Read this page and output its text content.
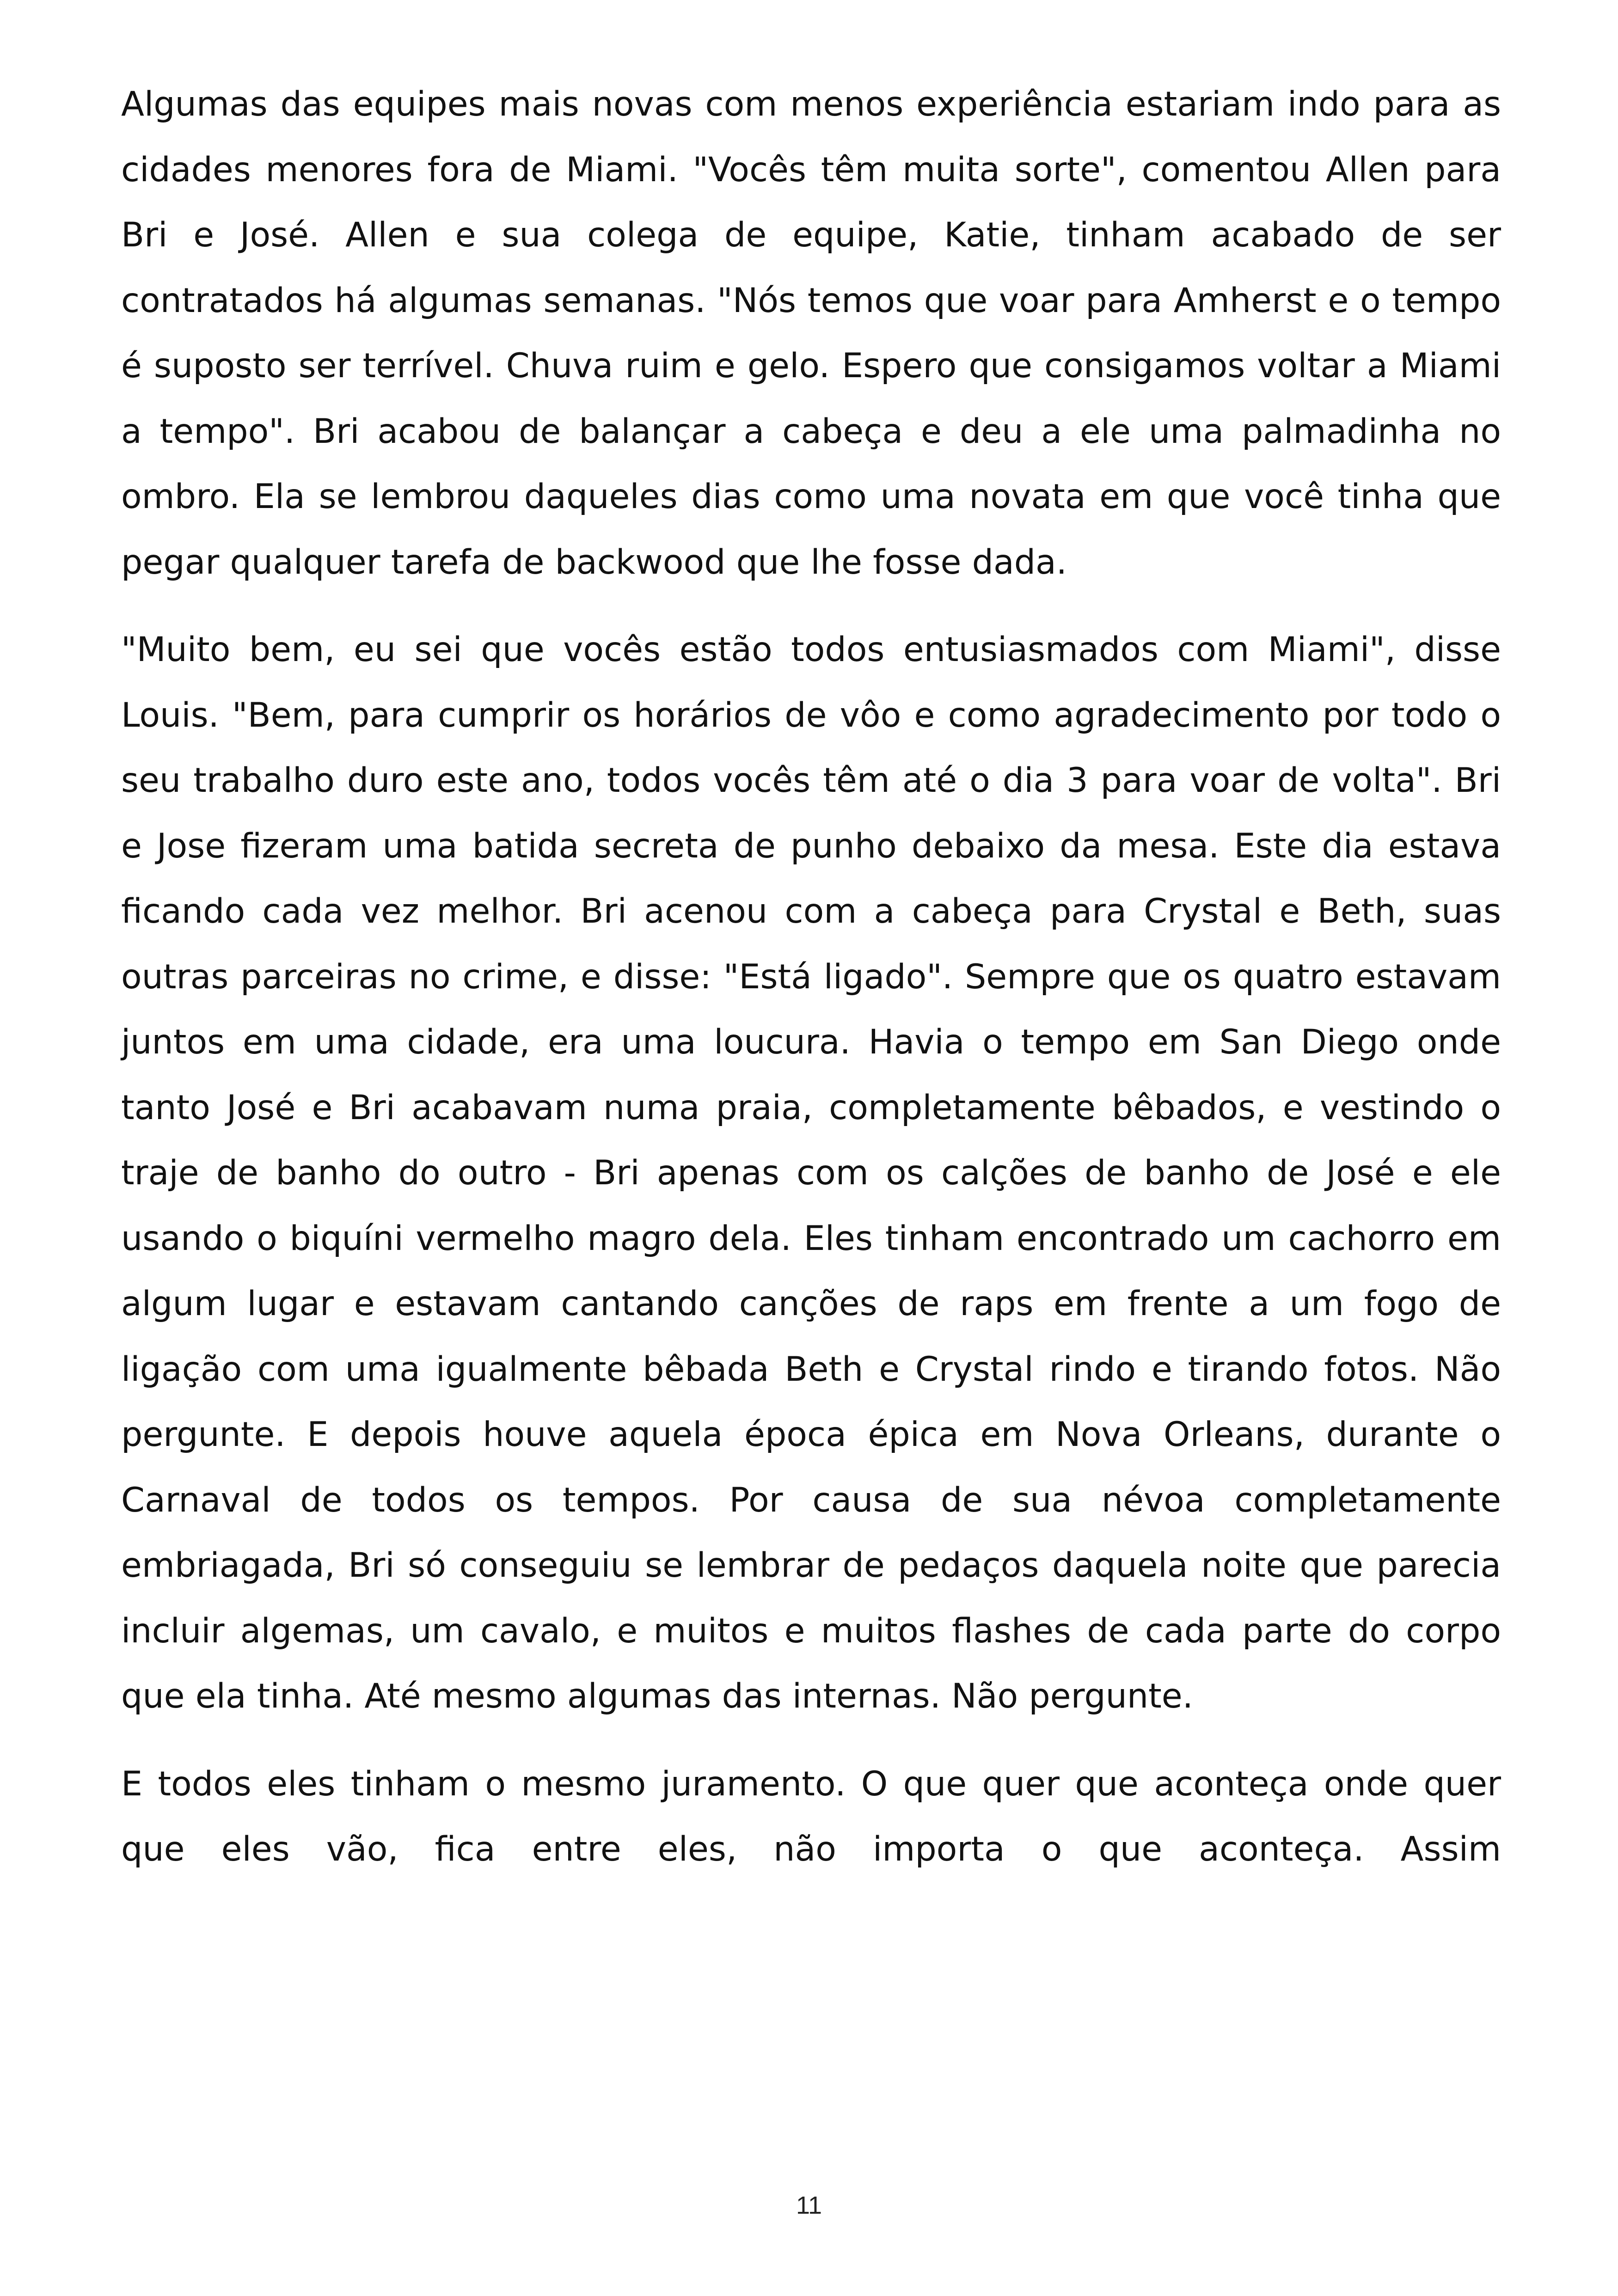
Algumas das equipes mais novas com menos experiência estariam indo para as cidades menores fora de Miami. "Vocês têm muita sorte", comentou Allen para Bri e José. Allen e sua colega de equipe, Katie, tinham acabado de ser contratados há algumas semanas. "Nós temos que voar para Amherst e o tempo é suposto ser terrível. Chuva ruim e gelo. Espero que consigamos voltar a Miami a tempo". Bri acabou de balançar a cabeça e deu a ele uma palmadinha no ombro. Ela se lembrou daqueles dias como uma novata em que você tinha que pegar qualquer tarefa de backwood que lhe fosse dada.

"Muito bem, eu sei que vocês estão todos entusiasmados com Miami", disse Louis. "Bem, para cumprir os horários de vôo e como agradecimento por todo o seu trabalho duro este ano, todos vocês têm até o dia 3 para voar de volta". Bri e Jose fizeram uma batida secreta de punho debaixo da mesa. Este dia estava ficando cada vez melhor. Bri acenou com a cabeça para Crystal e Beth, suas outras parceiras no crime, e disse: "Está ligado". Sempre que os quatro estavam juntos em uma cidade, era uma loucura. Havia o tempo em San Diego onde tanto José e Bri acabavam numa praia, completamente bêbados, e vestindo o traje de banho do outro - Bri apenas com os calções de banho de José e ele usando o biquíni vermelho magro dela. Eles tinham encontrado um cachorro em algum lugar e estavam cantando canções de raps em frente a um fogo de ligação com uma igualmente bêbada Beth e Crystal rindo e tirando fotos. Não pergunte. E depois houve aquela época épica em Nova Orleans, durante o Carnaval de todos os tempos. Por causa de sua névoa completamente embriagada, Bri só conseguiu se lembrar de pedaços daquela noite que parecia incluir algemas, um cavalo, e muitos e muitos flashes de cada parte do corpo que ela tinha. Até mesmo algumas das internas. Não pergunte.

E todos eles tinham o mesmo juramento. O que quer que aconteça onde quer que eles vão, fica entre eles, não importa o que aconteça. Assim

11
